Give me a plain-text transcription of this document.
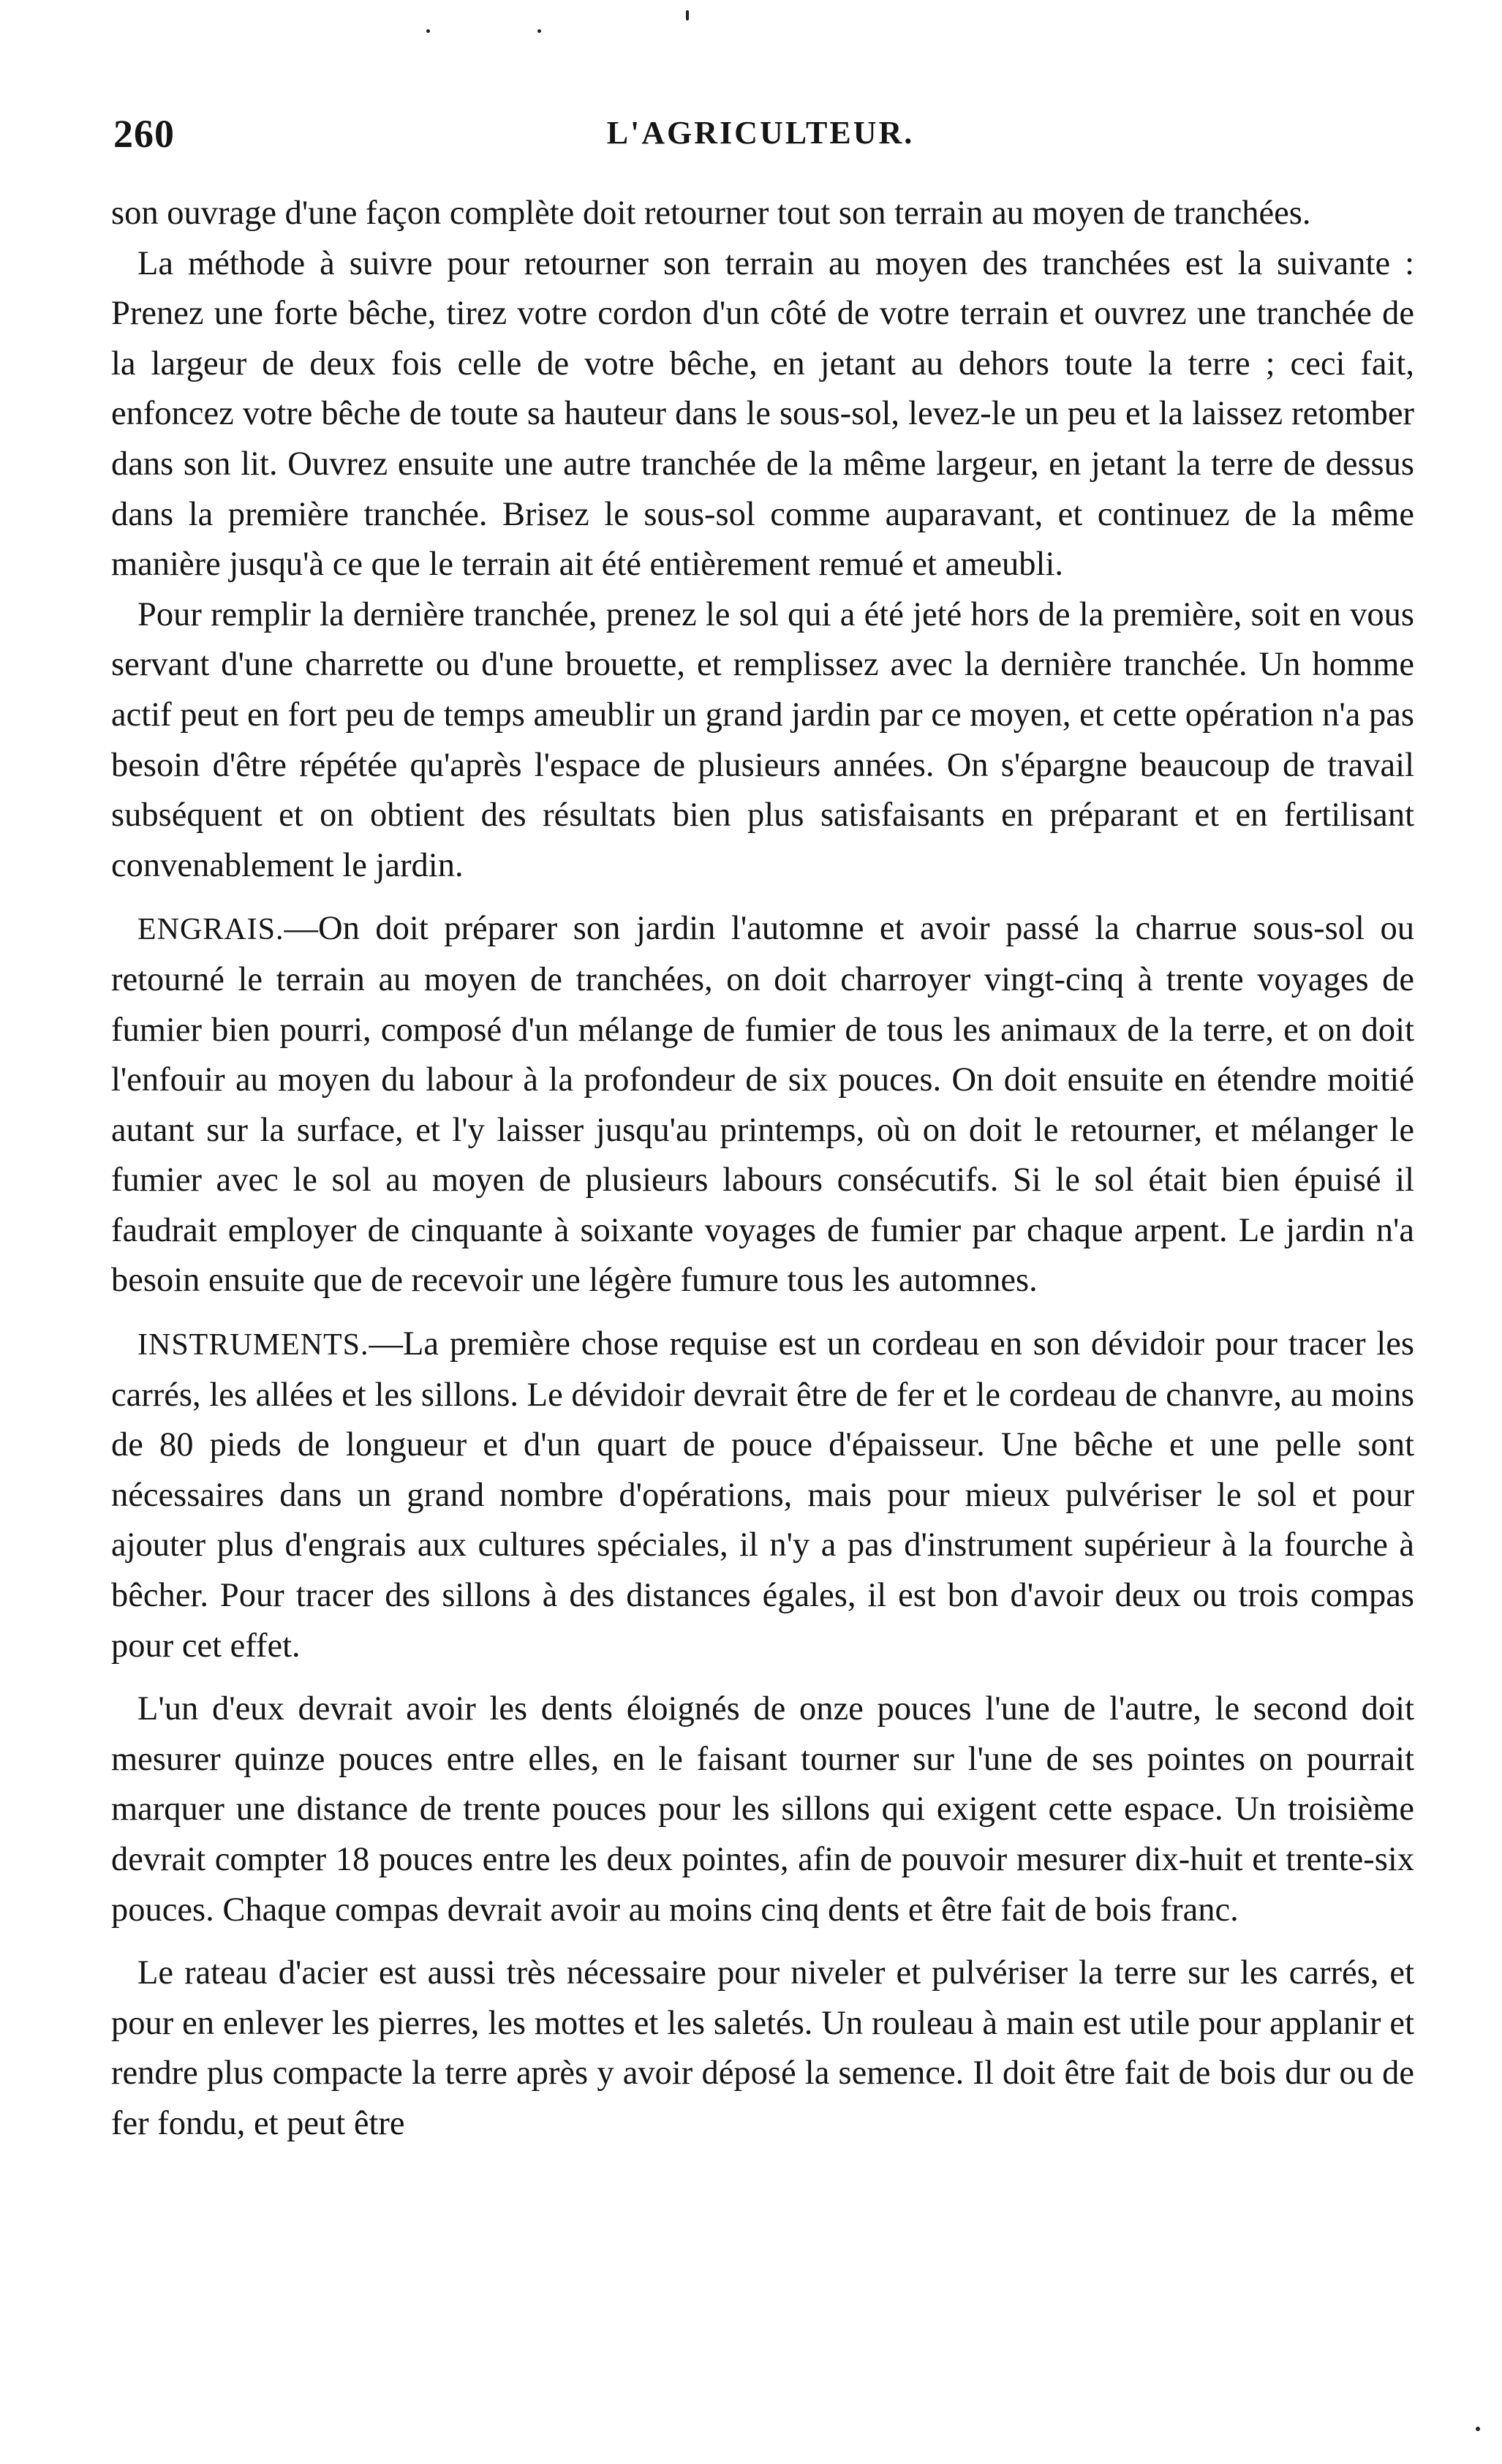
260	L'AGRICULTEUR.

son ouvrage d'une façon complète doit retourner tout son terrain au moyen de tranchées.

La méthode à suivre pour retourner son terrain au moyen des tranchées est la suivante : Prenez une forte bêche, tirez votre cordon d'un côté de votre terrain et ouvrez une tranchée de la largeur de deux fois celle de votre bêche, en jetant au dehors toute la terre ; ceci fait, enfoncez votre bêche de toute sa hauteur dans le sous-sol, levez-le un peu et la laissez retomber dans son lit. Ouvrez ensuite une autre tranchée de la même largeur, en jetant la terre de dessus dans la première tranchée. Brisez le sous-sol comme auparavant, et continuez de la même manière jusqu'à ce que le terrain ait été entièrement remué et ameubli.

Pour remplir la dernière tranchée, prenez le sol qui a été jeté hors de la première, soit en vous servant d'une charrette ou d'une brouette, et remplissez avec la dernière tranchée. Un homme actif peut en fort peu de temps ameublir un grand jardin par ce moyen, et cette opération n'a pas besoin d'être répétée qu'après l'espace de plusieurs années. On s'épargne beaucoup de travail subséquent et on obtient des résultats bien plus satisfaisants en préparant et en fertilisant convenablement le jardin.

ENGRAIS.—On doit préparer son jardin l'automne et avoir passé la charrue sous-sol ou retourné le terrain au moyen de tranchées, on doit charroyer vingt-cinq à trente voyages de fumier bien pourri, composé d'un mélange de fumier de tous les animaux de la terre, et on doit l'enfouir au moyen du labour à la profondeur de six pouces. On doit ensuite en étendre moitié autant sur la surface, et l'y laisser jusqu'au printemps, où on doit le retourner, et mélanger le fumier avec le sol au moyen de plusieurs labours consécutifs. Si le sol était bien épuisé il faudrait employer de cinquante à soixante voyages de fumier par chaque arpent. Le jardin n'a besoin ensuite que de recevoir une légère fumure tous les automnes.

INSTRUMENTS.—La première chose requise est un cordeau en son dévidoir pour tracer les carrés, les allées et les sillons. Le dévidoir devrait être de fer et le cordeau de chanvre, au moins de 80 pieds de longueur et d'un quart de pouce d'épaisseur. Une bêche et une pelle sont nécessaires dans un grand nombre d'opérations, mais pour mieux pulvériser le sol et pour ajouter plus d'engrais aux cultures spéciales, il n'y a pas d'instrument supérieur à la fourche à bêcher. Pour tracer des sillons à des distances égales, il est bon d'avoir deux ou trois compas pour cet effet.

L'un d'eux devrait avoir les dents éloignés de onze pouces l'une de l'autre, le second doit mesurer quinze pouces entre elles, en le faisant tourner sur l'une de ses pointes on pourrait marquer une distance de trente pouces pour les sillons qui exigent cette espace. Un troisième devrait compter 18 pouces entre les deux pointes, afin de pouvoir mesurer dix-huit et trente-six pouces. Chaque compas devrait avoir au moins cinq dents et être fait de bois franc.

Le rateau d'acier est aussi très nécessaire pour niveler et pulvériser la terre sur les carrés, et pour en enlever les pierres, les mottes et les saletés. Un rouleau à main est utile pour applanir et rendre plus compacte la terre après y avoir déposé la semence. Il doit être fait de bois dur ou de fer fondu, et peut être
